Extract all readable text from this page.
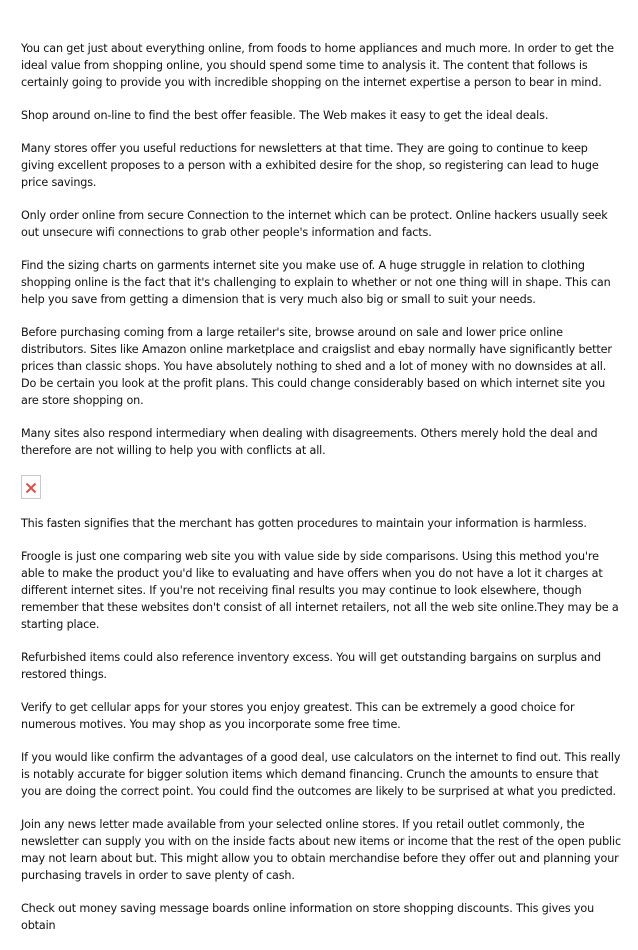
You can get just about everything online, from foods to home appliances and much more. In order to get the ideal value from shopping online, you should spend some time to analysis it. The content that follows is certainly going to provide you with incredible shopping on the internet expertise a person to bear in mind.

Shop around on-line to find the best offer feasible. The Web makes it easy to get the ideal deals.

Many stores offer you useful reductions for newsletters at that time. They are going to continue to keep giving excellent proposes to a person with a exhibited desire for the shop, so registering can lead to huge price savings.

Only order online from secure Connection to the internet which can be protect. Online hackers usually seek out unsecure wifi connections to grab other people's information and facts.

Find the sizing charts on garments internet site you make use of. A huge struggle in relation to clothing shopping online is the fact that it's challenging to explain to whether or not one thing will in shape. This can help you save from getting a dimension that is very much also big or small to suit your needs.

Before purchasing coming from a large retailer's site, browse around on sale and lower price online distributors. Sites like Amazon online marketplace and craigslist and ebay normally have significantly better prices than classic shops. You have absolutely nothing to shed and a lot of money with no downsides at all. Do be certain you look at the profit plans. This could change considerably based on which internet site you are store shopping on.

Many sites also respond intermediary when dealing with disagreements. Others merely hold the deal and therefore are not willing to help you with conflicts at all.

This fasten signifies that the merchant has gotten procedures to maintain your information is harmless.

Froogle is just one comparing web site you with value side by side comparisons. Using this method you're able to make the product you'd like to evaluating and have offers when you do not have a lot it charges at different internet sites. If you're not receiving final results you may continue to look elsewhere, though remember that these websites don't consist of all internet retailers, not all the web site online.They may be a starting place.

Refurbished items could also reference inventory excess. You will get outstanding bargains on surplus and restored things.

Verify to get cellular apps for your stores you enjoy greatest. This can be extremely a good choice for numerous motives. You may shop as you incorporate some free time.

If you would like confirm the advantages of a good deal, use calculators on the internet to find out. This really is notably accurate for bigger solution items which demand financing. Crunch the amounts to ensure that you are doing the correct point. You could find the outcomes are likely to be surprised at what you predicted.

Join any news letter made available from your selected online stores. If you retail outlet commonly, the newsletter can supply you with on the inside facts about new items or income that the rest of the open public may not learn about but. This might allow you to obtain merchandise before they offer out and planning your purchasing travels in order to save plenty of cash.

Check out money saving message boards online information on store shopping discounts. This gives you obtain
